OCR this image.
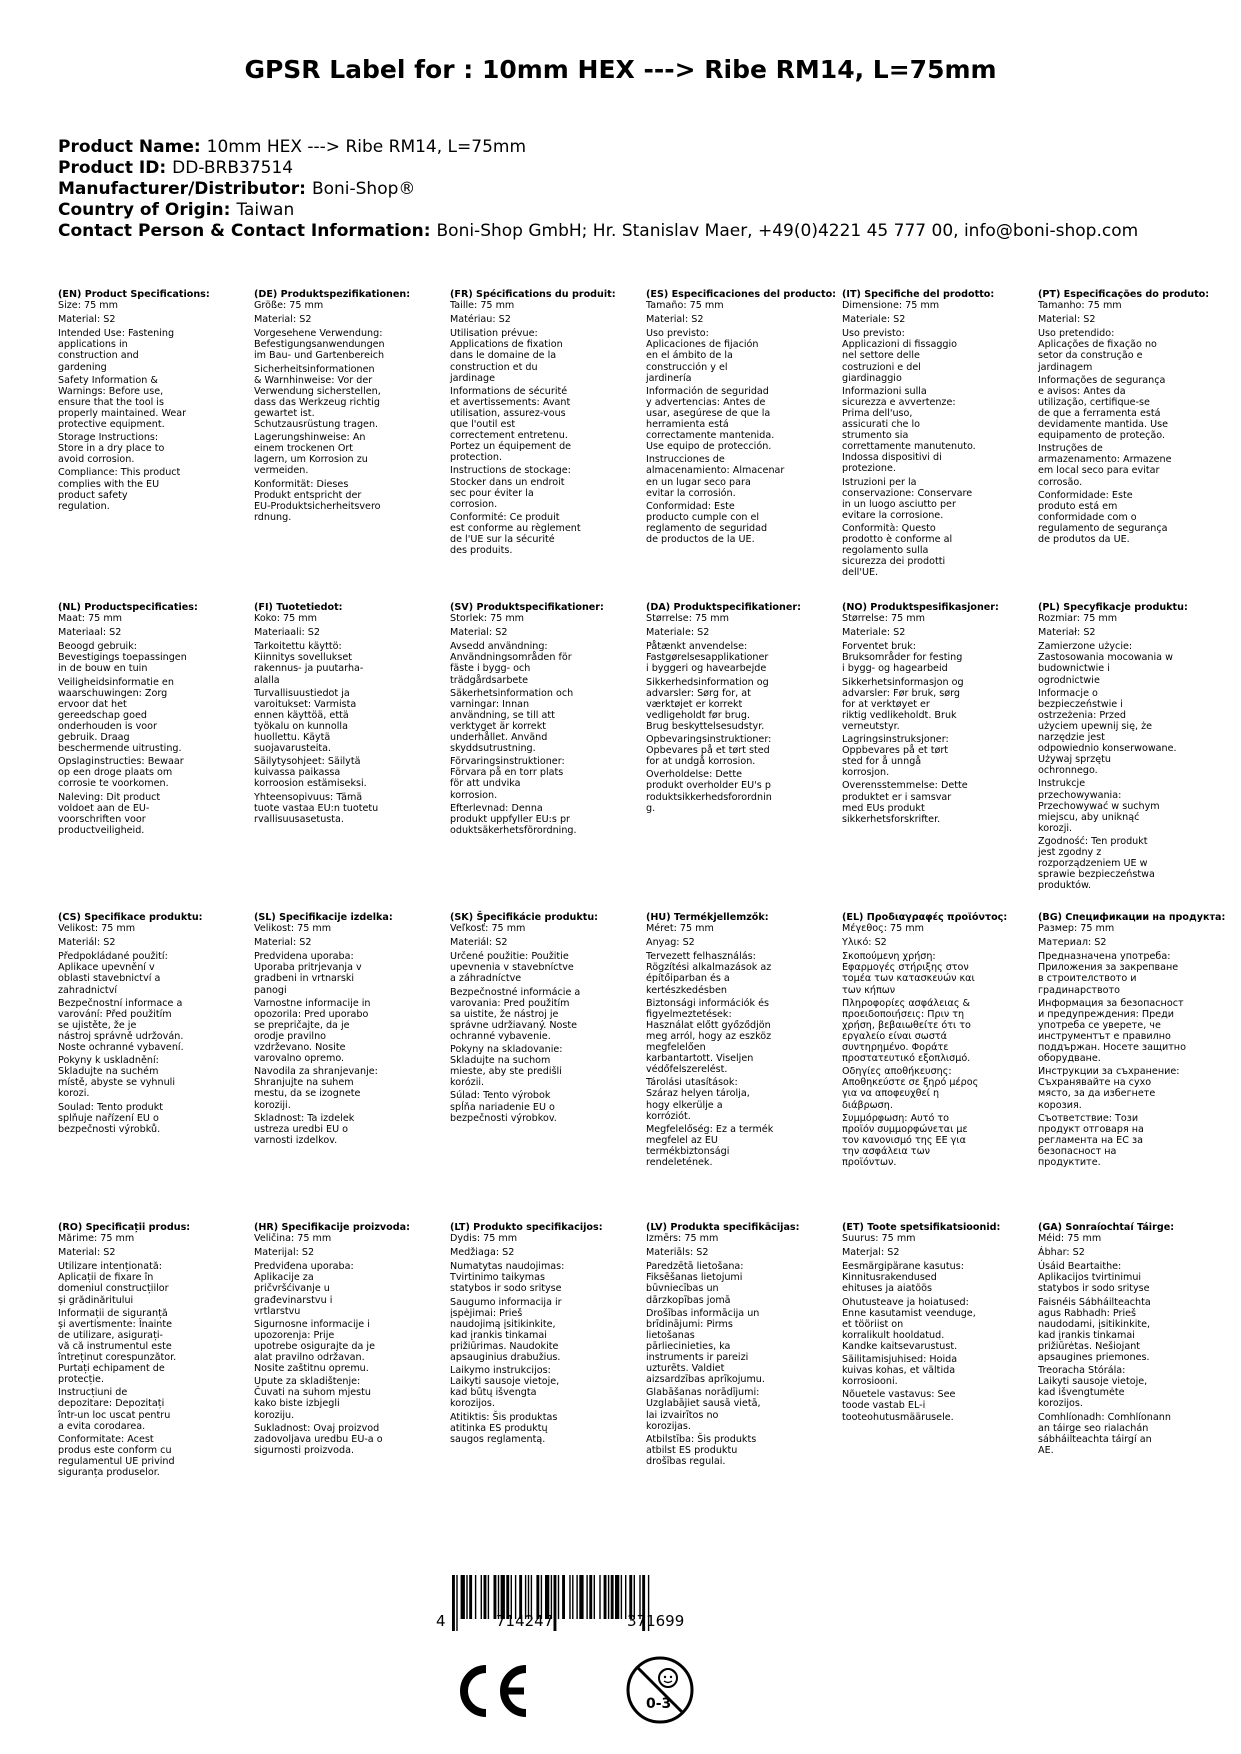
GPSR Label for : 10mm HEX ---> Ribe RM14, L=75mm
Product Name: 10mm HEX ---> Ribe RM14, L=75mm
Product ID: DD-BRB37514
Manufacturer/Distributor: Boni-Shop®
Country of Origin: Taiwan
Contact Person & Contact Information: Boni-Shop GmbH; Hr. Stanislav Maer, +49(0)4221 45 777 00, info@boni-shop.com
(EN) Product Specifications:
Size: 75 mm
Material: S2
Intended Use: Fastening
applications in
construction and
gardening
Safety Information &
Warnings: Before use,
ensure that the tool is
properly maintained. Wear
protective equipment.
Storage Instructions:
Store in a dry place to
avoid corrosion.
Compliance: This product
complies with the EU
product safety
regulation.
(DE) Produktspezifikationen:
Größe: 75 mm
Material: S2
Vorgesehene Verwendung:
Befestigungsanwendungen
im Bau- und Gartenbereich
Sicherheitsinformationen
& Warnhinweise: Vor der
Verwendung sicherstellen,
dass das Werkzeug richtig
gewartet ist.
Schutzausrüstung tragen.
Lagerungshinweise: An
einem trockenen Ort
lagern, um Korrosion zu
vermeiden.
Konformität: Dieses
Produkt entspricht der
EU-Produktsicherheitsvero
rdnung.
(FR) Spécifications du produit:
Taille: 75 mm
Matériau: S2
Utilisation prévue:
Applications de fixation
dans le domaine de la
construction et du
jardinage
Informations de sécurité
et avertissements: Avant
utilisation, assurez-vous
que l'outil est
correctement entretenu.
Portez un équipement de
protection.
Instructions de stockage:
Stocker dans un endroit
sec pour éviter la
corrosion.
Conformité: Ce produit
est conforme au règlement
de l'UE sur la sécurité
des produits.
(ES) Especificaciones del producto:
Tamaño: 75 mm
Material: S2
Uso previsto:
Aplicaciones de fijación
en el ámbito de la
construcción y el
jardinería
Información de seguridad
y advertencias: Antes de
usar, asegúrese de que la
herramienta está
correctamente mantenida.
Use equipo de protección.
Instrucciones de
almacenamiento: Almacenar
en un lugar seco para
evitar la corrosión.
Conformidad: Este
producto cumple con el
reglamento de seguridad
de productos de la UE.
(IT) Specifiche del prodotto:
Dimensione: 75 mm
Materiale: S2
Uso previsto:
Applicazioni di fissaggio
nel settore delle
costruzioni e del
giardinaggio
Informazioni sulla
sicurezza e avvertenze:
Prima dell'uso,
assicurati che lo
strumento sia
correttamente manutenuto.
Indossa dispositivi di
protezione.
Istruzioni per la
conservazione: Conservare
in un luogo asciutto per
evitare la corrosione.
Conformità: Questo
prodotto è conforme al
regolamento sulla
sicurezza dei prodotti
dell'UE.
(PT) Especificações do produto:
Tamanho: 75 mm
Material: S2
Uso pretendido:
Aplicações de fixação no
setor da construção e
jardinagem
Informações de segurança
e avisos: Antes da
utilização, certifique-se
de que a ferramenta está
devidamente mantida. Use
equipamento de proteção.
Instruções de
armazenamento: Armazene
em local seco para evitar
corrosão.
Conformidade: Este
produto está em
conformidade com o
regulamento de segurança
de produtos da UE.
(NL) Productspecificaties:
Maat: 75 mm
Materiaal: S2
Beoogd gebruik:
Bevestigings toepassingen
in de bouw en tuin
Veiligheidsinformatie en
waarschuwingen: Zorg
ervoor dat het
gereedschap goed
onderhouden is voor
gebruik. Draag
beschermende uitrusting.
Opslaginstructies: Bewaar
op een droge plaats om
corrosie te voorkomen.
Naleving: Dit product
voldoet aan de EU-
voorschriften voor
productveiligheid.
(FI) Tuotetiedot:
Koko: 75 mm
Materiaali: S2
Tarkoitettu käyttö:
Kiinnitys sovellukset
rakennus- ja puutarha-
alalla
Turvallisuustiedot ja
varoitukset: Varmista
ennen käyttöä, että
työkalu on kunnolla
huollettu. Käytä
suojavarusteita.
Säilytysohjeet: Säilytä
kuivassa paikassa
korroosion estämiseksi.
Yhteensopivuus: Tämä
tuote vastaa EU:n tuotetu
rvallisuusasetusta.
(SV) Produktspecifikationer:
Storlek: 75 mm
Material: S2
Avsedd användning:
Användningsområden för
fäste i bygg- och
trädgårdsarbete
Säkerhetsinformation och
varningar: Innan
användning, se till att
verktyget är korrekt
underhållet. Använd
skyddsutrustning.
Förvaringsinstruktioner:
Förvara på en torr plats
för att undvika
korrosion.
Efterlevnad: Denna
produkt uppfyller EU:s pr
oduktsäkerhetsförordning.
(DA) Produktspecifikationer:
Størrelse: 75 mm
Materiale: S2
Påtænkt anvendelse:
Fastgørelsesapplikationer
i byggeri og havearbejde
Sikkerhedsinformation og
advarsler: Sørg for, at
værktøjet er korrekt
vedligeholdt før brug.
Brug beskyttelsesudstyr.
Opbevaringsinstruktioner:
Opbevares på et tørt sted
for at undgå korrosion.
Overholdelse: Dette
produkt overholder EU's p
roduktsikkerhedsforordnin
g.
(NO) Produktspesifikasjoner:
Størrelse: 75 mm
Materiale: S2
Forventet bruk:
Bruksområder for festing
i bygg- og hagearbeid
Sikkerhetsinformasjon og
advarsler: Før bruk, sørg
for at verktøyet er
riktig vedlikeholdt. Bruk
verneutstyr.
Lagringsinstruksjoner:
Oppbevares på et tørt
sted for å unngå
korrosjon.
Overensstemmelse: Dette
produktet er i samsvar
med EUs produkt
sikkerhetsforskrifter.
(PL) Specyfikacje produktu:
Rozmiar: 75 mm
Materiał: S2
Zamierzone użycie:
Zastosowania mocowania w
budownictwie i
ogrodnictwie
Informacje o
bezpieczeństwie i
ostrzeżenia: Przed
użyciem upewnij się, że
narzędzie jest
odpowiednio konserwowane.
Używaj sprzętu
ochronnego.
Instrukcje
przechowywania:
Przechowywać w suchym
miejscu, aby uniknąć
korozji.
Zgodność: Ten produkt
jest zgodny z
rozporządzeniem UE w
sprawie bezpieczeństwa
produktów.
(CS) Specifikace produktu:
Velikost: 75 mm
Materiál: S2
Předpokládané použití:
Aplikace upevnění v
oblasti stavebnictví a
zahradnictví
Bezpečnostní informace a
varování: Před použitím
se ujistěte, že je
nástroj správně udržován.
Noste ochranné vybavení.
Pokyny k uskladnění:
Skladujte na suchém
místě, abyste se vyhnuli
korozi.
Soulad: Tento produkt
splňuje nařízení EU o
bezpečnosti výrobků.
(SL) Specifikacije izdelka:
Velikost: 75 mm
Material: S2
Predvidena uporaba:
Uporaba pritrjevanja v
gradbeni in vrtnarski
panogi
Varnostne informacije in
opozorila: Pred uporabo
se prepričajte, da je
orodje pravilno
vzdrževano. Nosite
varovalno opremo.
Navodila za shranjevanje:
Shranjujte na suhem
mestu, da se izognete
koroziji.
Skladnost: Ta izdelek
ustreza uredbi EU o
varnosti izdelkov.
(SK) Špecifikácie produktu:
Veľkosť: 75 mm
Materiál: S2
Určené použitie: Použitie
upevnenia v stavebníctve
a záhradníctve
Bezpečnostné informácie a
varovania: Pred použitím
sa uistite, že nástroj je
správne udržiavaný. Noste
ochranné vybavenie.
Pokyny na skladovanie:
Skladujte na suchom
mieste, aby ste predišli
korózii.
Súlad: Tento výrobok
spĺňa nariadenie EU o
bezpečnosti výrobkov.
(HU) Termékjellemzők:
Méret: 75 mm
Anyag: S2
Tervezett felhasználás:
Rögzítési alkalmazások az
építőiparban és a
kertészkedésben
Biztonsági információk és
figyelmeztetések:
Használat előtt győződjön
meg arról, hogy az eszköz
megfelelően
karbantartott. Viseljen
védőfelszerelést.
Tárolási utasítások:
Száraz helyen tárolja,
hogy elkerülje a
korróziót.
Megfelelőség: Ez a termék
megfelel az EU
termékbiztonsági
rendeletének.
(EL) Προδιαγραφές προϊόντος:
Μέγεθος: 75 mm
Υλικό: S2
Σκοπούμενη χρήση:
Εφαρμογές στήριξης στον
τομέα των κατασκευών και
των κήπων
Πληροφορίες ασφάλειας &
προειδοποιήσεις: Πριν τη
χρήση, βεβαιωθείτε ότι το
εργαλείο είναι σωστά
συντηρημένο. Φοράτε
προστατευτικό εξοπλισμό.
Οδηγίες αποθήκευσης:
Αποθηκεύστε σε ξηρό μέρος
για να αποφευχθεί η
διάβρωση.
Συμμόρφωση: Αυτό το
προϊόν συμμορφώνεται με
τον κανονισμό της ΕΕ για
την ασφάλεια των
προϊόντων.
(BG) Спецификации на продукта:
Размер: 75 mm
Материал: S2
Предназначена употреба:
Приложения за закрепване
в строителството и
градинарството
Информация за безопасност
и предупреждения: Преди
употреба се уверете, че
инструментът е правилно
поддържан. Носете защитно
оборудване.
Инструкции за съхранение:
Съхранявайте на сухо
място, за да избегнете
корозия.
Съответствие: Този
продукт отговаря на
регламента на ЕС за
безопасност на
продуктите.
(RO) Specificații produs:
Mărime: 75 mm
Material: S2
Utilizare intenționată:
Aplicații de fixare în
domeniul construcțiilor
și grădinăritului
Informații de siguranță
și avertismente: Înainte
de utilizare, asigurați-
vă că instrumentul este
întreținut corespunzător.
Purtați echipament de
protecție.
Instrucțiuni de
depozitare: Depozitați
într-un loc uscat pentru
a evita corodarea.
Conformitate: Acest
produs este conform cu
regulamentul UE privind
siguranța produselor.
(HR) Specifikacije proizvoda:
Veličina: 75 mm
Materijal: S2
Predviđena uporaba:
Aplikacije za
pričvršćivanje u
građevinarstvu i
vrtlarstvu
Sigurnosne informacije i
upozorenja: Prije
upotrebe osigurajte da je
alat pravilno održavan.
Nosite zaštitnu opremu.
Upute za skladištenje:
Čuvati na suhom mjestu
kako biste izbjegli
koroziju.
Sukladnost: Ovaj proizvod
zadovoljava uredbu EU-a o
sigurnosti proizvoda.
(LT) Produkto specifikacijos:
Dydis: 75 mm
Medžiaga: S2
Numatytas naudojimas:
Tvirtinimo taikymas
statybos ir sodo srityse
Saugumo informacija ir
įspėjimai: Prieš
naudojimą įsitikinkite,
kad įrankis tinkamai
prižiūrimas. Naudokite
apsauginius drabužius.
Laikymo instrukcijos:
Laikyti sausoje vietoje,
kad būtų išvengta
korozijos.
Atitiktis: Šis produktas
atitinka ES produktų
saugos reglamentą.
(LV) Produkta specifikācijas:
Izmērs: 75 mm
Materiāls: S2
Paredzētā lietošana:
Fiksēšanas lietojumi
būvniecības un
dārzkopības jomā
Drošības informācija un
brīdinājumi: Pirms
lietošanas
pārliecinieties, ka
instruments ir pareizi
uzturēts. Valdiet
aizsardzības aprīkojumu.
Glabāšanas norādījumi:
Uzglabājiet sausā vietā,
lai izvairītos no
korozijas.
Atbilstība: Šis produkts
atbilst ES produktu
drošības regulai.
(ET) Toote spetsifikatsioonid:
Suurus: 75 mm
Materjal: S2
Eesmärgipärane kasutus:
Kinnitusrakendused
ehituses ja aiatöös
Ohutusteave ja hoiatused:
Enne kasutamist veenduge,
et tööriist on
korralikult hooldatud.
Kandke kaitsevarustust.
Säilitamisjuhised: Hoida
kuivas kohas, et vältida
korrosiooni.
Nõuetele vastavus: See
toode vastab EL-i
tooteohutusmäärusele.
(GA) Sonraíochtaí Táirge:
Méid: 75 mm
Ábhar: S2
Úsáid Beartaithe:
Aplikacijos tvirtinimui
statybos ir sodo srityse
Faisnéis Sábháilteachta
agus Rabhadh: Prieš
naudodami, įsitikinkite,
kad įrankis tinkamai
prižiūrėtas. Nešiojant
apsaugines priemones.
Treoracha Stórála:
Laikyti sausoje vietoje,
kad išvengtumėte
korozijos.
Comhlíonadh: Comhlíonann
an táirge seo rialachán
sábháilteachta táirgí an
AE.
4	714247	371699
0-3
